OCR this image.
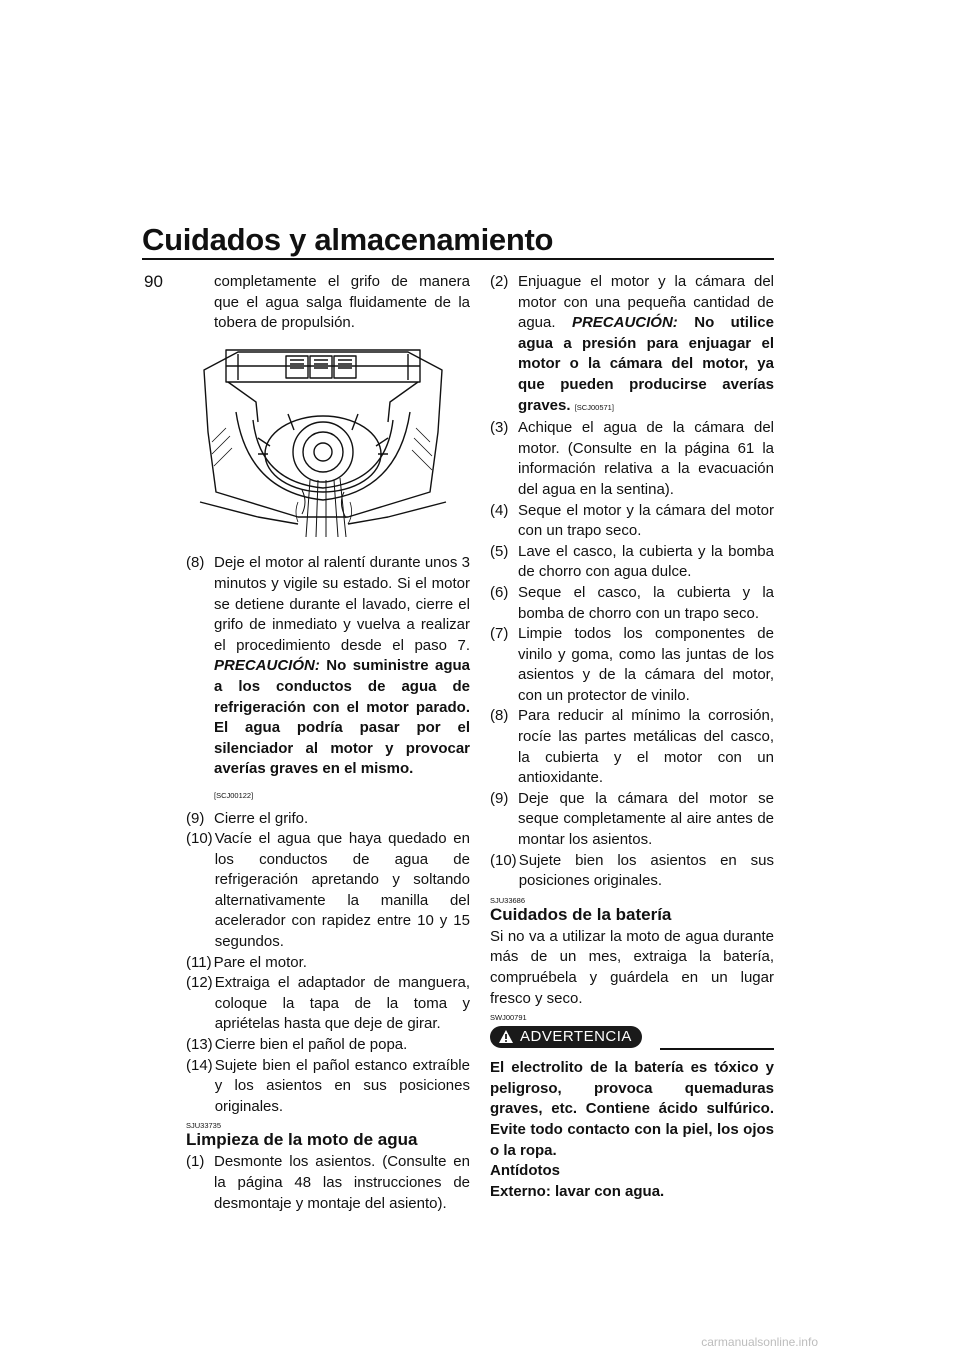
Cuidados y almacenamiento
90	completamente el grifo de manera que el agua salga fluidamente de la tobera de propulsión.

(8) Deje el motor al ralentí durante unos 3 minutos y vigile su estado. Si el motor se detiene durante el lavado, cierre el grifo de inmediato y vuelva a realizar el procedimiento desde el paso 7. PRECAUCIÓN: No suministre agua a los conductos de agua de refrigeración con el motor parado. El agua podría pasar por el silenciador al motor y provocar averías graves en el mismo.
[SCJ00122]
(9) Cierre el grifo.
(10) Vacíe el agua que haya quedado en los conductos de agua de refrigeración apretando y soltando alternativamente la manilla del acelerador con rapidez entre 10 y 15 segundos.
(11) Pare el motor.
(12) Extraiga el adaptador de manguera, coloque la tapa de la toma y apriételas hasta que deje de girar.
(13) Cierre bien el pañol de popa.
(14) Sujete bien el pañol estanco extraíble y los asientos en sus posiciones originales.
SJU33735
Limpieza de la moto de agua
(1) Desmonte los asientos. (Consulte en la página 48 las instrucciones de desmontaje y montaje del asiento).
(2) Enjuague el motor y la cámara del motor con una pequeña cantidad de agua. PRECAUCIÓN: No utilice agua a presión para enjuagar el motor o la cámara del motor, ya que pueden producirse averías graves. [SCJ00571]
(3) Achique el agua de la cámara del motor. (Consulte en la página 61 la información relativa a la evacuación del agua en la sentina).
(4) Seque el motor y la cámara del motor con un trapo seco.
(5) Lave el casco, la cubierta y la bomba de chorro con agua dulce.
(6) Seque el casco, la cubierta y la bomba de chorro con un trapo seco.
(7) Limpie todos los componentes de vinilo y goma, como las juntas de los asientos y de la cámara del motor, con un protector de vinilo.
(8) Para reducir al mínimo la corrosión, rocíe las partes metálicas del casco, la cubierta y el motor con un antioxidante.
(9) Deje que la cámara del motor se seque completamente al aire antes de montar los asientos.
(10) Sujete bien los asientos en sus posiciones originales.
SJU33686
Cuidados de la batería

Si no va a utilizar la moto de agua durante más de un mes, extraiga la batería, compruébela y guárdela en un lugar fresco y seco.

SWJ00791
ADVERTENCIA

El electrolito de la batería es tóxico y peligroso, provoca quemaduras graves, etc. Contiene ácido sulfúrico. Evite todo contacto con la piel, los ojos o la ropa.

Antídotos

Externo: lavar con agua.

carmanualsonline.info
